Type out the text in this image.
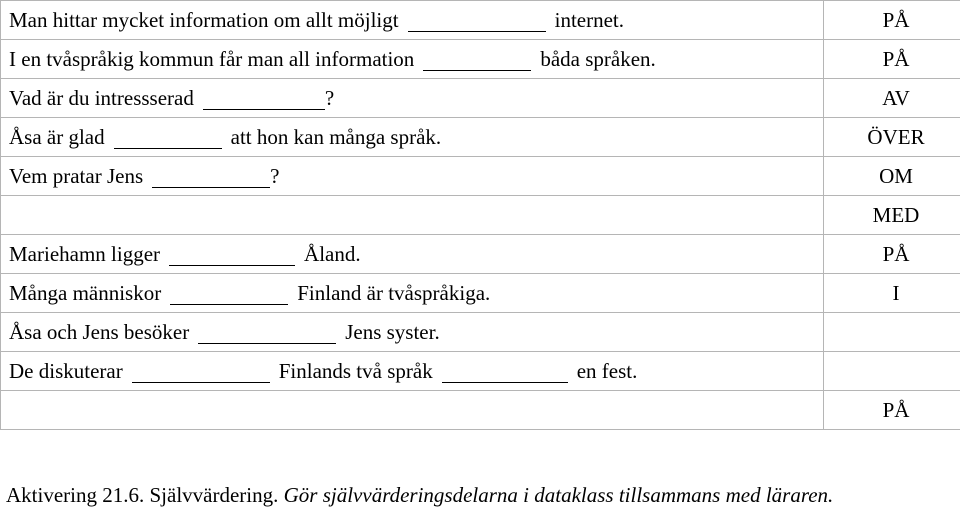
Man hittar mycket information om allt möjligt internet.	PÅ
I en tvåspråkig kommun får man all information båda språken.	PÅ
Vad är du intressserad ?	AV
Åsa är glad att hon kan många språk.	ÖVER
Vem pratar Jens ?	OM
	MED
Mariehamn ligger Åland.	PÅ
Många människor Finland är tvåspråkiga.	I
Åsa och Jens besöker Jens syster.	
De diskuterar Finlands två språk en fest.	
	PÅ
Aktivering 21.6. Självvärdering. Gör självvärderingsdelarna i dataklass tillsammans med läraren.
